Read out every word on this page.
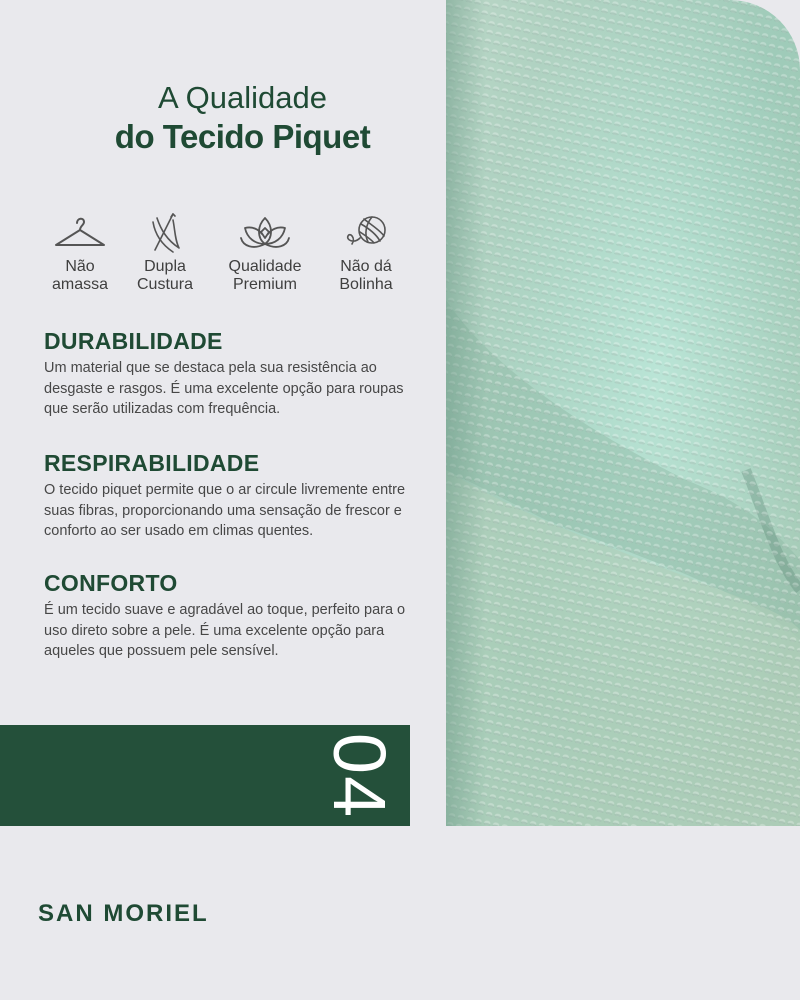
A Qualidade
do Tecido Piquet
Não
amassa
Dupla
Custura
Qualidade
Premium
Não dá
Bolinha
DURABILIDADE

Um material que se destaca pela sua resistência ao desgaste e rasgos. É uma excelente opção para roupas que serão utilizadas com frequência.

RESPIRABILIDADE

O tecido piquet permite que o ar circule livremente entre suas fibras, proporcionando uma sensação de frescor e conforto ao ser usado em climas quentes.

CONFORTO

É um tecido suave e agradável ao toque, perfeito para o uso direto sobre a pele. É uma excelente opção para aqueles que possuem pele sensível.

04
SAN MORIEL
